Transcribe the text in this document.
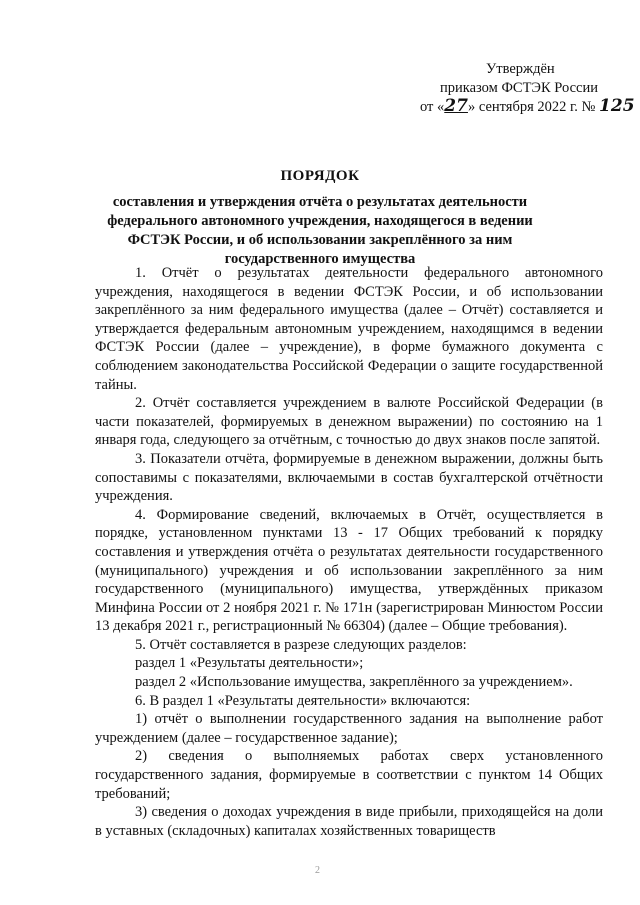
Утверждён
приказом ФСТЭК России
от «27» сентября 2022 г. № 125
ПОРЯДОК
составления и утверждения отчёта о результатах деятельности федерального автономного учреждения, находящегося в ведении ФСТЭК России, и об использовании закреплённого за ним государственного имущества

1. Отчёт о результатах деятельности федерального автономного учреждения, находящегося в ведении ФСТЭК России, и об использовании закреплённого за ним федерального имущества (далее – Отчёт) составляется и утверждается федеральным автономным учреждением, находящимся в ведении ФСТЭК России (далее – учреждение), в форме бумажного документа с соблюдением законодательства Российской Федерации о защите государственной тайны.

2. Отчёт составляется учреждением в валюте Российской Федерации (в части показателей, формируемых в денежном выражении) по состоянию на 1 января года, следующего за отчётным, с точностью до двух знаков после запятой.

3. Показатели отчёта, формируемые в денежном выражении, должны быть сопоставимы с показателями, включаемыми в состав бухгалтерской отчётности учреждения.

4. Формирование сведений, включаемых в Отчёт, осуществляется в порядке, установленном пунктами 13 - 17 Общих требований к порядку составления и утверждения отчёта о результатах деятельности государственного (муниципального) учреждения и об использовании закреплённого за ним государственного (муниципального) имущества, утверждённых приказом Минфина России от 2 ноября 2021 г. № 171н (зарегистрирован Минюстом России 13 декабря 2021 г., регистрационный № 66304) (далее – Общие требования).

5. Отчёт составляется в разрезе следующих разделов:

раздел 1 «Результаты деятельности»;

раздел 2 «Использование имущества, закреплённого за учреждением».

6. В раздел 1 «Результаты деятельности» включаются:

1) отчёт о выполнении государственного задания на выполнение работ учреждением (далее – государственное задание);

2) сведения о выполняемых работах сверх установленного государственного задания, формируемые в соответствии с пунктом 14 Общих требований;

3) сведения о доходах учреждения в виде прибыли, приходящейся на доли в уставных (складочных) капиталах хозяйственных товариществ

2
